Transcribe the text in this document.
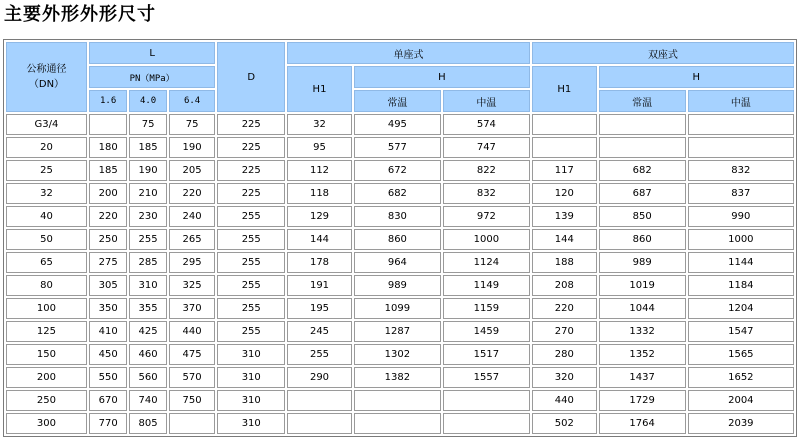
主要外形外形尺寸
公称通径
（DN）	L			D	单座式			双座式		
	PN（MPa）				H1	H		H1	H	
	1.6	4.0	6.4			常温	中温		常温	中温
G3/4		75	75	225	32	495	574			
20	180	185	190	225	95	577	747			
25	185	190	205	225	112	672	822	117	682	832
32	200	210	220	225	118	682	832	120	687	837
40	220	230	240	255	129	830	972	139	850	990
50	250	255	265	255	144	860	1000	144	860	1000
65	275	285	295	255	178	964	1124	188	989	1144
80	305	310	325	255	191	989	1149	208	1019	1184
100	350	355	370	255	195	1099	1159	220	1044	1204
125	410	425	440	255	245	1287	1459	270	1332	1547
150	450	460	475	310	255	1302	1517	280	1352	1565
200	550	560	570	310	290	1382	1557	320	1437	1652
250	670	740	750	310				440	1729	2004
300	770	805		310				502	1764	2039
